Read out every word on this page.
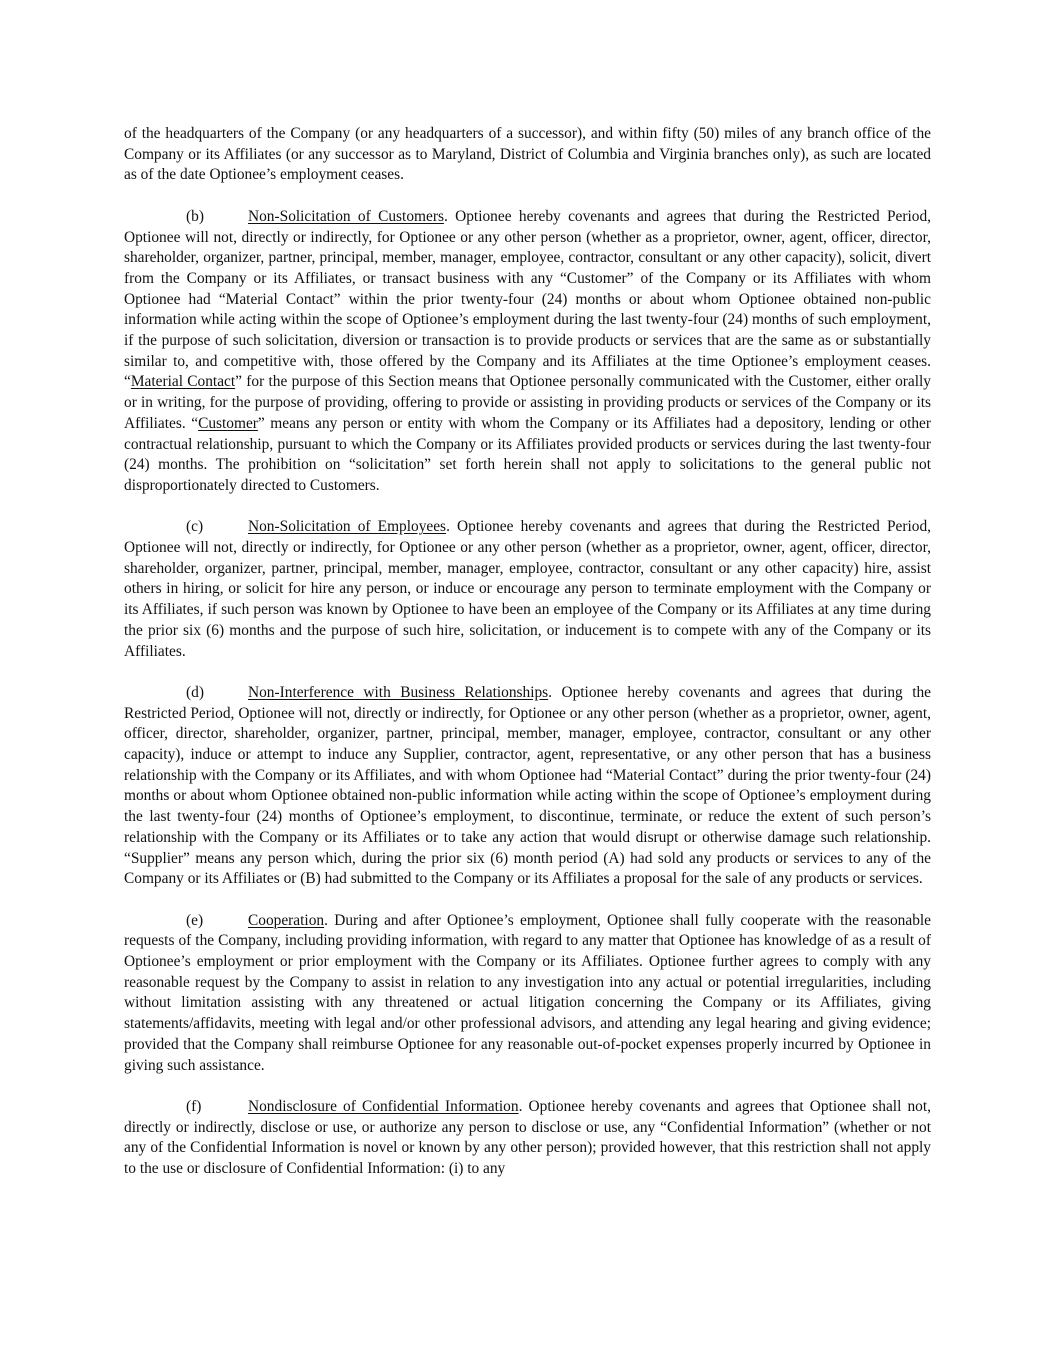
of the headquarters of the Company (or any headquarters of a successor), and within fifty (50) miles of any branch office of the Company or its Affiliates (or any successor as to Maryland, District of Columbia and Virginia branches only), as such are located as of the date Optionee’s employment ceases.

(b)	Non-Solicitation of Customers. Optionee hereby covenants and agrees that during the Restricted Period, Optionee will not, directly or indirectly, for Optionee or any other person (whether as a proprietor, owner, agent, officer, director, shareholder, organizer, partner, principal, member, manager, employee, contractor, consultant or any other capacity), solicit, divert from the Company or its Affiliates, or transact business with any “Customer” of the Company or its Affiliates with whom Optionee had “Material Contact” within the prior twenty-four (24) months or about whom Optionee obtained non-public information while acting within the scope of Optionee’s employment during the last twenty-four (24) months of such employment, if the purpose of such solicitation, diversion or transaction is to provide products or services that are the same as or substantially similar to, and competitive with, those offered by the Company and its Affiliates at the time Optionee’s employment ceases. “Material Contact” for the purpose of this Section means that Optionee personally communicated with the Customer, either orally or in writing, for the purpose of providing, offering to provide or assisting in providing products or services of the Company or its Affiliates. “Customer” means any person or entity with whom the Company or its Affiliates had a depository, lending or other contractual relationship, pursuant to which the Company or its Affiliates provided products or services during the last twenty-four (24) months. The prohibition on “solicitation” set forth herein shall not apply to solicitations to the general public not disproportionately directed to Customers.

(c)	Non-Solicitation of Employees. Optionee hereby covenants and agrees that during the Restricted Period, Optionee will not, directly or indirectly, for Optionee or any other person (whether as a proprietor, owner, agent, officer, director, shareholder, organizer, partner, principal, member, manager, employee, contractor, consultant or any other capacity) hire, assist others in hiring, or solicit for hire any person, or induce or encourage any person to terminate employment with the Company or its Affiliates, if such person was known by Optionee to have been an employee of the Company or its Affiliates at any time during the prior six (6) months and the purpose of such hire, solicitation, or inducement is to compete with any of the Company or its Affiliates.

(d)	Non-Interference with Business Relationships. Optionee hereby covenants and agrees that during the Restricted Period, Optionee will not, directly or indirectly, for Optionee or any other person (whether as a proprietor, owner, agent, officer, director, shareholder, organizer, partner, principal, member, manager, employee, contractor, consultant or any other capacity), induce or attempt to induce any Supplier, contractor, agent, representative, or any other person that has a business relationship with the Company or its Affiliates, and with whom Optionee had “Material Contact” during the prior twenty-four (24) months or about whom Optionee obtained non-public information while acting within the scope of Optionee’s employment during the last twenty-four (24) months of Optionee’s employment, to discontinue, terminate, or reduce the extent of such person’s relationship with the Company or its Affiliates or to take any action that would disrupt or otherwise damage such relationship. “Supplier” means any person which, during the prior six (6) month period (A) had sold any products or services to any of the Company or its Affiliates or (B) had submitted to the Company or its Affiliates a proposal for the sale of any products or services.

(e)	Cooperation. During and after Optionee’s employment, Optionee shall fully cooperate with the reasonable requests of the Company, including providing information, with regard to any matter that Optionee has knowledge of as a result of Optionee’s employment or prior employment with the Company or its Affiliates. Optionee further agrees to comply with any reasonable request by the Company to assist in relation to any investigation into any actual or potential irregularities, including without limitation assisting with any threatened or actual litigation concerning the Company or its Affiliates, giving statements/affidavits, meeting with legal and/or other professional advisors, and attending any legal hearing and giving evidence; provided that the Company shall reimburse Optionee for any reasonable out-of-pocket expenses properly incurred by Optionee in giving such assistance.

(f)	Nondisclosure of Confidential Information. Optionee hereby covenants and agrees that Optionee shall not, directly or indirectly, disclose or use, or authorize any person to disclose or use, any “Confidential Information” (whether or not any of the Confidential Information is novel or known by any other person); provided however, that this restriction shall not apply to the use or disclosure of Confidential Information: (i) to any
